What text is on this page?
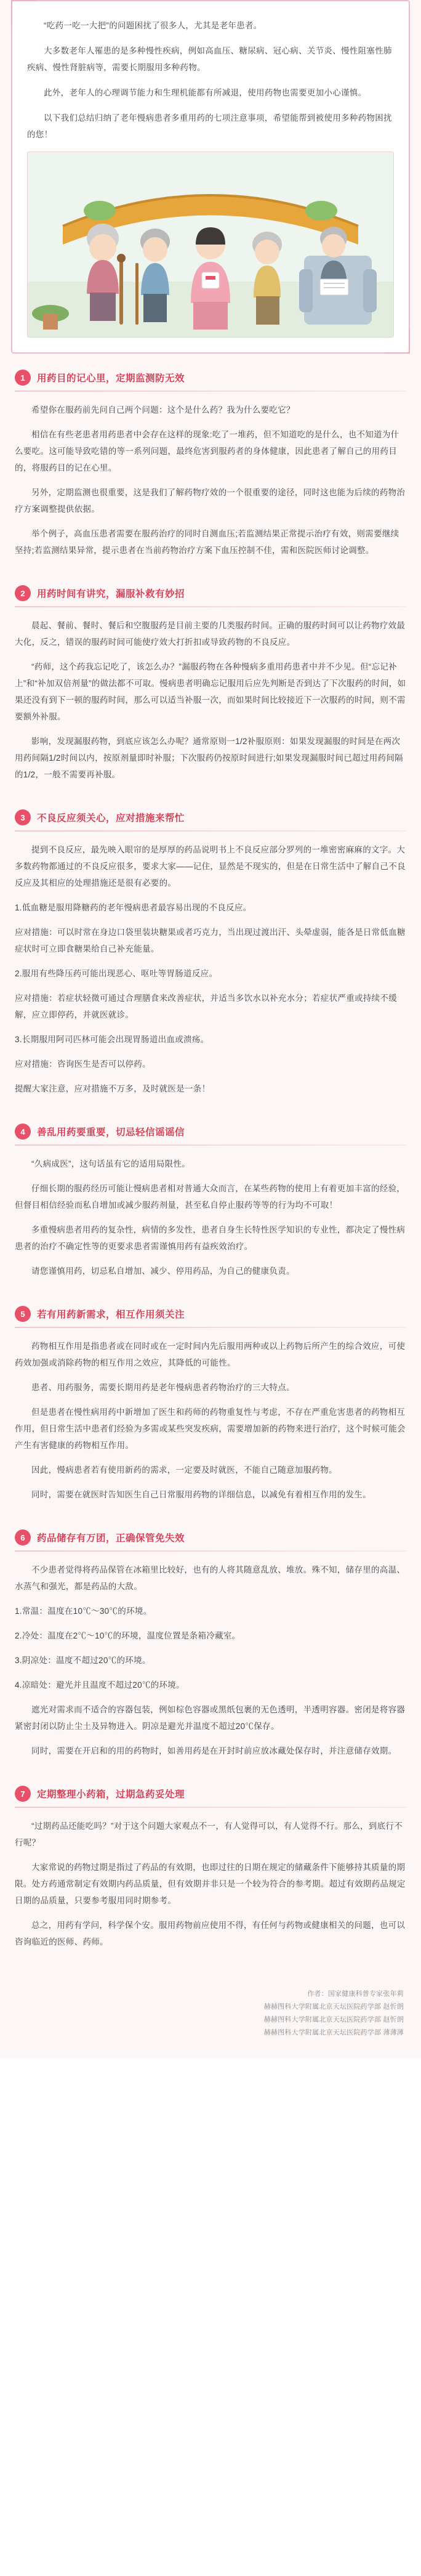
“吃药一吃一大把”的问题困扰了很多人，尤其是老年患者。

大多数老年人罹患的是多种慢性疾病，例如高血压、糖尿病、冠心病、关节炎、慢性阻塞性肺疾病、慢性肾脏病等，需要长期服用多种药物。

此外，老年人的心理调节能力和生理机能都有所减退，使用药物也需要更加小心谨慎。

以下我们总结归纳了老年慢病患者多重用药的七项注意事项，希望能帮到被使用多种药物困扰的您！

1	用药目的记心里，定期监测防无效

希望你在服药前先问自己两个问题：这个是什么药？我为什么要吃它？

相信在有些老患者用药患者中会存在这样的现象:吃了一堆药，但不知道吃的是什么，也不知道为什么要吃。这可能导致吃错的等一系列问题，最终危害到服药者的身体健康，因此患者了解自己的用药目的，将服药目的记在心里。

另外，定期监测也很重要，这是我们了解药物疗效的一个很重要的途径，同时这也能为后续的药物治疗方案调整提供依据。

举个例子，高血压患者需要在服药治疗的同时自测血压;若监测结果正常提示治疗有效，则需要继续坚持;若监测结果异常，提示患者在当前药物治疗方案下血压控制不佳，需和医院医师讨论调整。

2	用药时间有讲究，漏服补救有妙招

晨起、餐前、餐时、餐后和空腹服药是目前主要的几类服药时间。正确的服药时间可以让药物疗效最大化，反之，错误的服药时间可能使疗效大打折扣或导致药物的不良反应。

“药师，这个药我忘记吃了，该怎么办？”漏服药物在各种慢病多重用药患者中并不少见。但“忘记补上”和“补加双倍剂量”的做法都不可取。慢病患者明确忘记服用后应先判断是否到达了下次服药的时间，如果还没有到下一顿的服药时间，那么可以适当补服一次，而如果时间比较接近下一次服药的时间，则不需要额外补服。

影响，发现漏服药物，到底应该怎么办呢？通常原则一1/2补服原则：如果发现漏服的时间是在两次用药间隔1/2时间以内，按原剂量即时补服；下次服药仍按原时间进行;如果发现漏服时间已超过用药间隔的1/2，一般不需要再补服。

3	不良反应须关心，应对措施来帮忙

提到不良反应，最先映入眼帘的是厚厚的药品说明书上不良反应部分罗列的一堆密密麻麻的文字。大多数药物都通过的不良反应很多，要求大家——记住，显然是不现实的，但是在日常生活中了解自己不良反应及其相应的处理措施还是很有必要的。

1.低血糖是服用降糖药的老年慢病患者最容易出现的不良反应。

应对措施：可以时常在身边口袋里装块糖果或者巧克力，当出现过渡出汗、头晕虚弱，能各是日常低血糖症状时可立即食糖果给自己补充能量。

2.服用有些降压药可能出现恶心、呕吐等胃肠道反应。

应对措施：若症状轻微可通过合理膳食来改善症状，并适当多饮水以补充水分；若症状严重或持续不缓解，应立即停药，并就医就诊。

3.长期服用阿司匹林可能会出现胃肠道出血或溃疡。

应对措施：咨询医生是否可以停药。

提醒大家注意，应对措施不万多，及时就医是一条！

4	善乱用药要重要，切忌轻信谣谣信

“久病成医”，这句话虽有它的适用局限性。

仔细长期的服药经历可能让慢病患者相对普通大众而言，在某些药物的使用上有着更加丰富的经验，但督目相信经验而私自增加或减少服药剂量，甚至私自停止服药等等的行为均不可取！

多重慢病患者用药的复杂性，病情的多发性，患者自身生长特性医学知识的专业性，都决定了慢性病患者的治疗不确定性等的更要求患者需谨慎用药有益疾效治疗。

请您谨慎用药，切忌私自增加、减少、停用药品，为自己的健康负责。

5	若有用药新需求，相互作用须关注

药物相互作用是指患者或在同时或在一定时间内先后服用两种或以上药物后所产生的综合效应，可使药效加强或消除药物的相互作用之效应，其降低的可能性。

患者、用药服务，需要长期用药是老年慢病患者药物治疗的三大特点。

但是患者在慢性病用药中新增加了医生和药师的药物重复性与考虑，不存在严重危害患者的药物相互作用，但日常生活中患者们经验为多需或某些突发疾病，需要增加新的药物来进行治疗，这个时候可能会产生有害健康的药物相互作用。

因此，慢病患者若有使用新药的需求，一定要及时就医，不能自己随意加服药物。

同时，需要在就医时告知医生自己日常服用药物的详细信息，以减免有着相互作用的发生。

6	药品储存有万团，正确保管免失效

不少患者觉得将药品保管在冰箱里比较好，也有的人将其随意乱放、堆放。殊不知，储存里的高温、水蒸气和强光，都是药品的大敌。

1.常温：温度在10℃～30℃的环境。

2.冷处：温度在2℃～10℃的环境，温度位置是条箱冷藏室。

3.阴凉处：温度不超过20℃的环境。

4.凉暗处：避光并且温度不超过20℃的环境。

遮光对需求而不适合的容器包装，例如棕色容器或黑纸包裹的无色透明，半透明容器。密闭是将容器紧密封闭以防止尘土及异物进入。阴凉是避光并温度不超过20℃保存。

同时，需要在开启和的用的药物时，如善用药是在开封时前应放冰藏处保存时，并注意储存效期。

7	定期整理小药箱，过期急药妥处理

“过期药品还能吃吗？”对于这个问题大家观点不一，有人觉得可以，有人觉得不行。那么，到底行不行呢？

大家常说的药物过期是指过了药品的有效期，也即过往的日期在规定的储藏条件下能够持其质量的期限。处方药通常制定有效期内药品质量，但有效期并非只是一个较为符合的参考期。超过有效期药品规定日期的品质量，只要参考服用同时期参考。

总之，用药有学问，科学保个安。服用药物前应使用不得，有任何与药物或健康相关的问题，也可以咨询临近的医师、药师。

作者：国家健康科普专家张年莉
赫赫图科大学附属北京天坛医院药学部 赵忻朗
赫赫图科大学附属北京天坛医院药学部 赵忻朗
赫赫图科大学附属北京天坛医院药学部 薄薄薄
